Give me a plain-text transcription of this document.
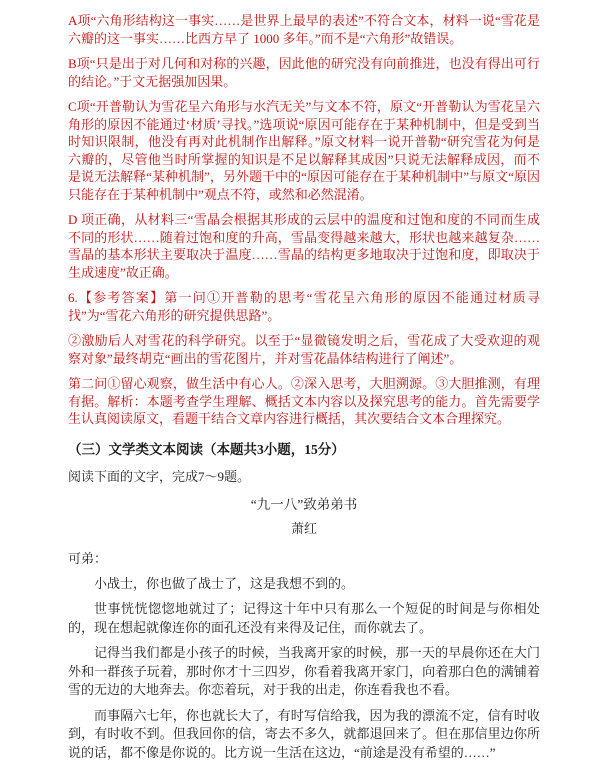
A项“六角形结构这一事实……是世界上最早的表述”不符合文本，材料一说“雪花是六瓣的这一事实……比西方早了 1000 多年。”而不是“六角形”故错误。

B项“只是出于对几何和对称的兴趣，因此他的研究没有向前推进，也没有得出可行的结论。”于文无据强加因果。

C项“开普勒认为雪花呈六角形与水汽无关”与文本不符，原文“开普勒认为雪花呈六角形的原因不能通过‘材质’寻找。”选项说“原因可能存在于某种机制中，但是受到当时知识限制，他没有再对此机制作出解释。”原文材料一说开普勒“研究雪花为何是六瓣的，尽管他当时所掌握的知识是不足以解释其成因”只说无法解释成因，而不是说无法解释“某种机制”，另外题干中的“原因可能存在于某种机制中”与原文“原因只能存在于某种机制中”观点不符，或然和必然混淆。

D 项正确，从材料三“雪晶会根据其形成的云层中的温度和过饱和度的不同而生成不同的形状……随着过饱和度的升高，雪晶变得越来越大，形状也越来越复杂……雪晶的基本形状主要取决于温度……雪晶的结构更多地取决于过饱和度，即取决于生成速度”故正确。

6.【参考答案】第一问①开普勒的思考“雪花呈六角形的原因不能通过材质寻找”为“雪花六角形的研究提供思路”。

②激励后人对雪花的科学研究。以至于“显微镜发明之后，雪花成了大受欢迎的观察对象”最终胡克“画出的雪花图片，并对雪花晶体结构进行了阐述”。

第二问①留心观察，做生活中有心人。②深入思考，大胆溯源。③大胆推测，有理有据。解析：本题考查学生理解、概括文本内容以及探究思考的能力。首先需要学生认真阅读原文，看题干结合文章内容进行概括，其次要结合文本合理探究。

（三）文学类文本阅读（本题共3小题，15分）

阅读下面的文字，完成7～9题。

“九一八”致弟弟书

萧红

可弟：

小战士，你也做了战士了，这是我想不到的。

世事恍恍惚惚地就过了；记得这十年中只有那么一个短促的时间是与你相处的，现在想起就像连你的面孔还没有来得及记住，而你就去了。

记得当我们都是小孩子的时候，当我离开家的时候，那一天的早晨你还在大门外和一群孩子玩着，那时你才十三四岁，你看着我离开家门，向着那白色的满铺着雪的无边的大地奔去。你恋着玩，对于我的出走，你连看我也不看。

而事隔六七年，你也就长大了，有时写信给我，因为我的漂流不定，信有时收到，有时收不到。但我回你的信，寄去不多久，就都退回来了。但在那信里边你所说的话，都不像是你说的。比方说一生活在这边，“前途是没有希望的……”
